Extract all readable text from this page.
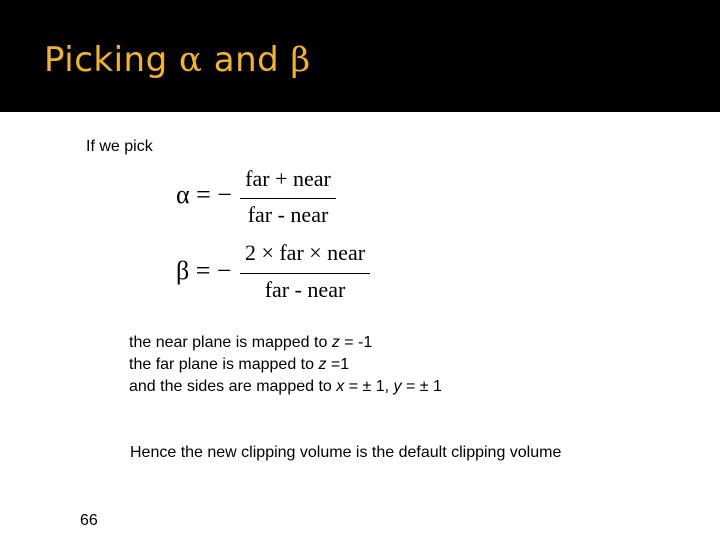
Picking α and β
If we pick
α = −
far + near
far - near
β = −
2 × far × near
far - near
the near plane is mapped to z = -1
the far plane is mapped to z =1
and the sides are mapped to x = ± 1, y = ± 1
Hence the new clipping volume is the default clipping volume
66
